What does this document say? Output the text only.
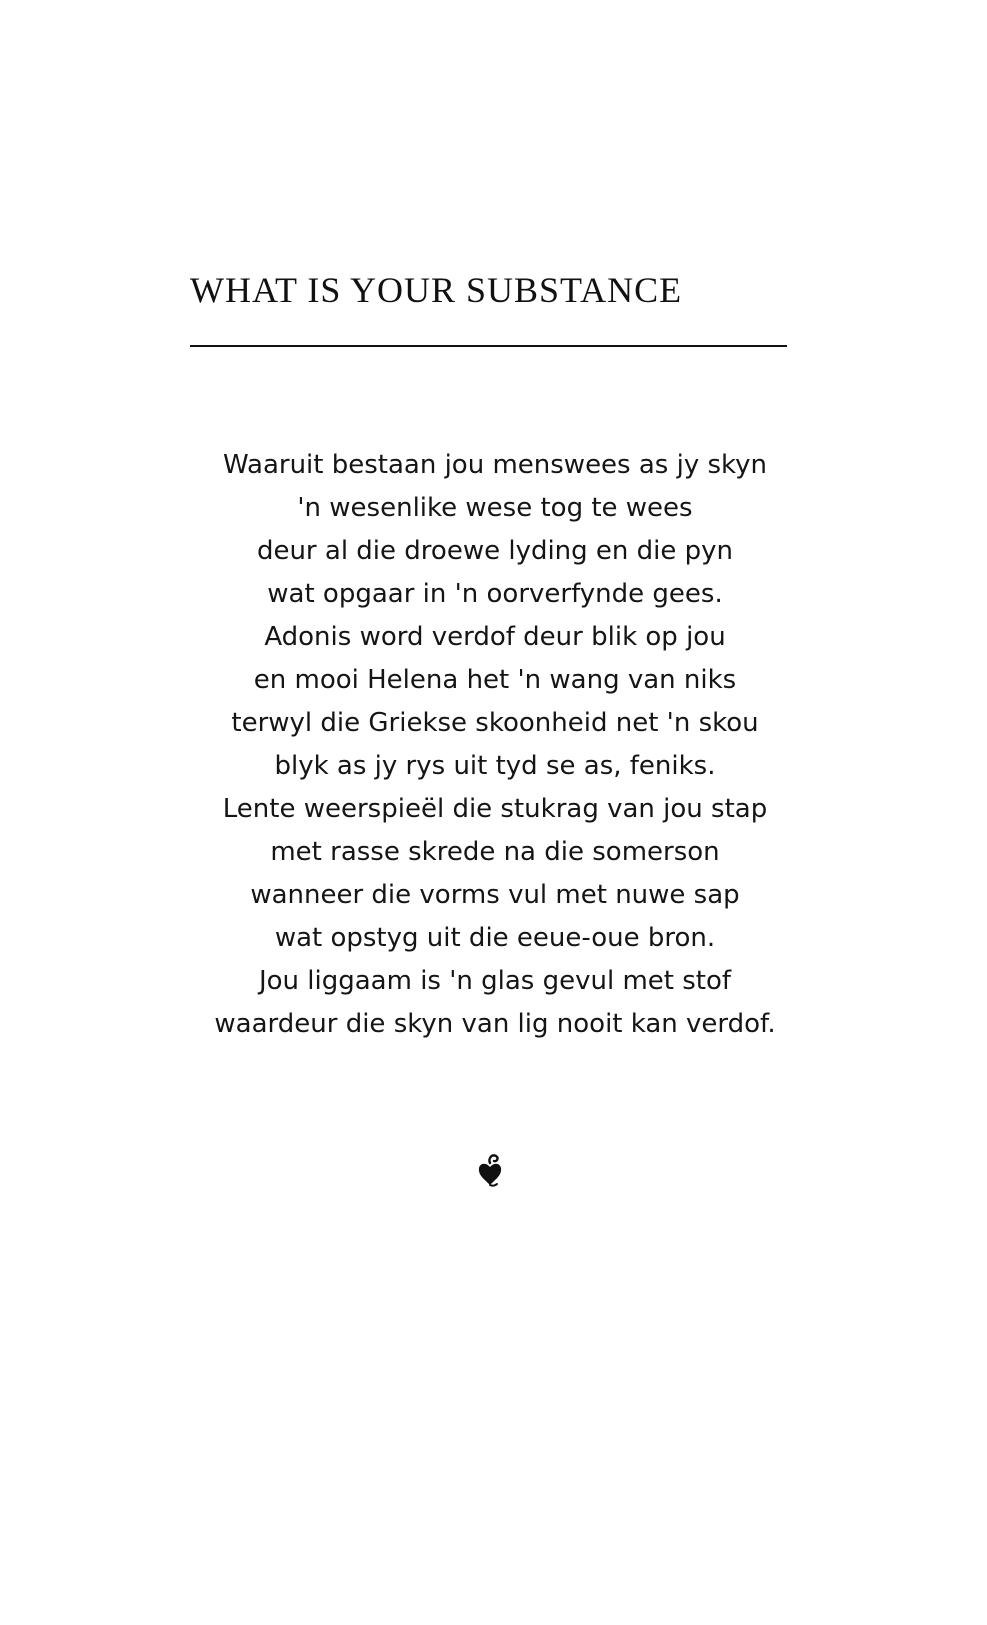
WHAT IS YOUR SUBSTANCE
Waaruit bestaan jou menswees as jy skyn
'n wesenlike wese tog te wees
deur al die droewe lyding en die pyn
wat opgaar in 'n oorverfynde gees.
Adonis word verdof deur blik op jou
en mooi Helena het 'n wang van niks
terwyl die Griekse skoonheid net 'n skou
blyk as jy rys uit tyd se as, feniks.
Lente weerspieël die stukrag van jou stap
met rasse skrede na die somerson
wanneer die vorms vul met nuwe sap
wat opstyg uit die eeue-oue bron.
Jou liggaam is 'n glas gevul met stof
waardeur die skyn van lig nooit kan verdof.
